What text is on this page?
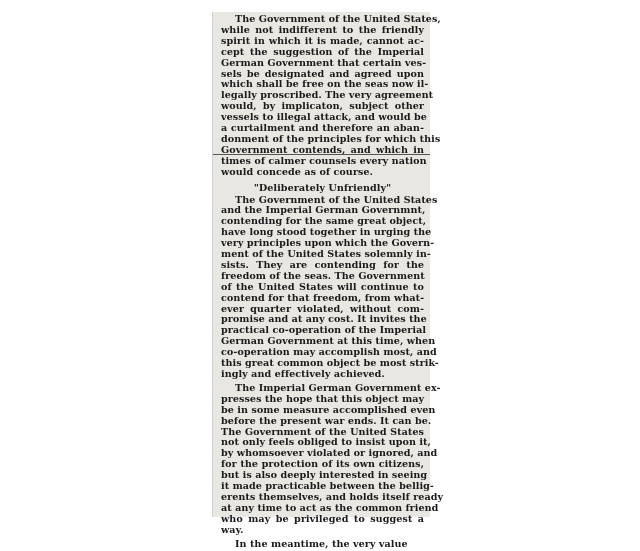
The Government of the United States,
while not indifferent to the friendly
spirit in which it is made, cannot ac-
cept the suggestion of the Imperial
German Government that certain ves-
sels be designated and agreed upon
which shall be free on the seas now il-
legally proscribed. The very agreement
would, by implicaton, subject other
vessels to illegal attack, and would be
a curtailment and therefore an aban-
donment of the principles for which this
Government contends, and which in
times of calmer counsels every nation
would concede as of course.

"Deliberately Unfriendly"

The Government of the United States
and the Imperial German Governmnt,
contending for the same great object,
have long stood together in urging the
very principles upon which the Govern-
ment of the United States solemnly in-
sists. They are contending for the
freedom of the seas. The Government
of the United States will continue to
contend for that freedom, from what-
ever quarter violated, without com-
promise and at any cost. It invites the
practical co-operation of the Imperial
German Government at this time, when
co-operation may accomplish most, and
this great common object be most strik-
ingly and effectively achieved.

The Imperial German Government ex-
presses the hope that this object may
be in some measure accomplished even
before the present war ends. It can be.
The Government of the United States
not only feels obliged to insist upon it,
by whomsoever violated or ignored, and
for the protection of its own citizens,
but is also deeply interested in seeing
it made practicable between the bellig-
erents themselves, and holds itself ready
at any time to act as the common friend
who may be privileged to suggest a
way.

In the meantime, the very value
